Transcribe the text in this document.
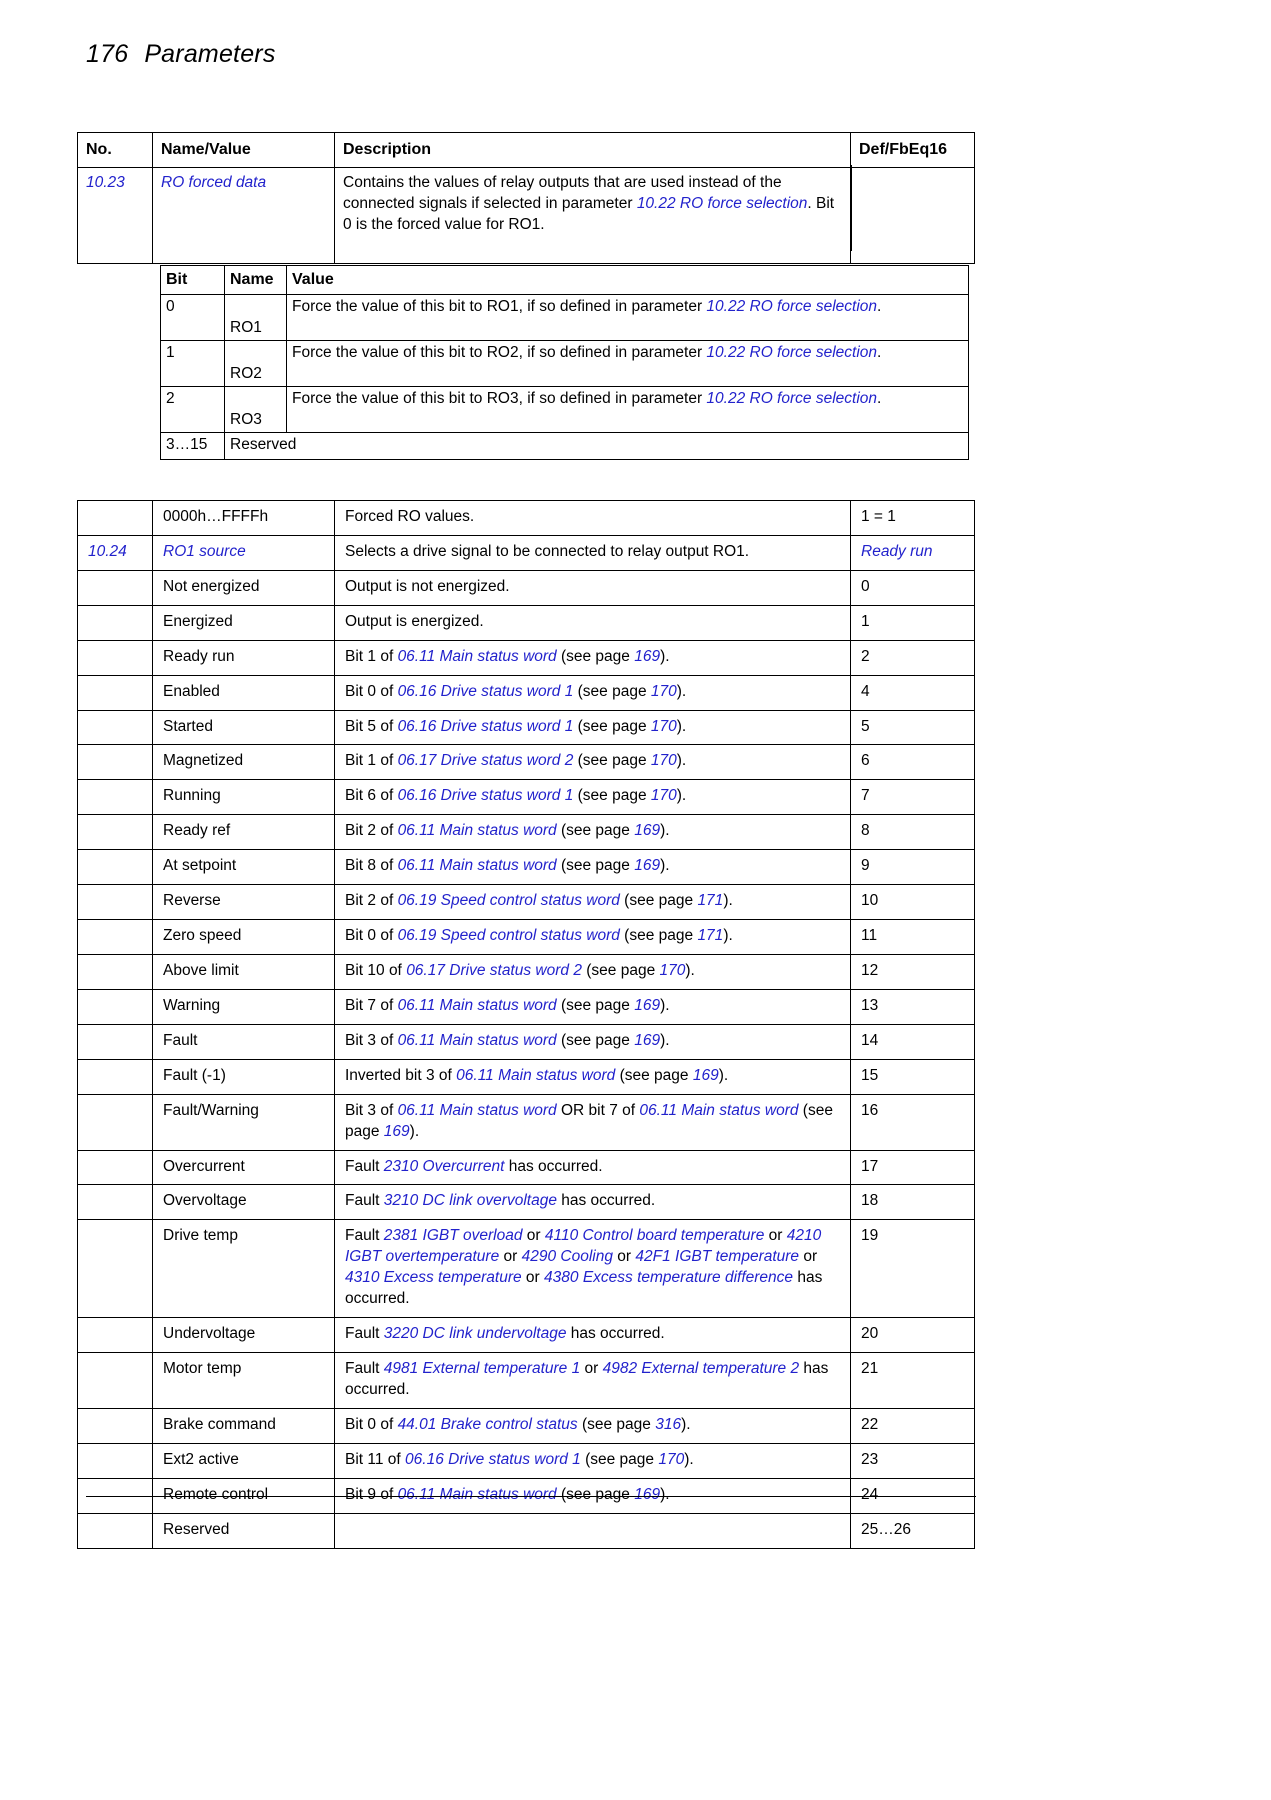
176 Parameters
No.	Name/Value	Description	Def/FbEq16
10.23	RO forced data	Contains the values of relay outputs that are used instead of the connected signals if selected in parameter 10.22 RO force selection. Bit 0 is the forced value for RO1.	
Bit	Name	Value
0	RO1	Force the value of this bit to RO1, if so defined in parameter 10.22 RO force selection.
1	RO2	Force the value of this bit to RO2, if so defined in parameter 10.22 RO force selection.
2	RO3	Force the value of this bit to RO3, if so defined in parameter 10.22 RO force selection.
3…15	Reserved	
	0000h…FFFFh	Forced RO values.	1 = 1
10.24	RO1 source	Selects a drive signal to be connected to relay output RO1.	Ready run
	Not energized	Output is not energized.	0
	Energized	Output is energized.	1
	Ready run	Bit 1 of 06.11 Main status word (see page 169).	2
	Enabled	Bit 0 of 06.16 Drive status word 1 (see page 170).	4
	Started	Bit 5 of 06.16 Drive status word 1 (see page 170).	5
	Magnetized	Bit 1 of 06.17 Drive status word 2 (see page 170).	6
	Running	Bit 6 of 06.16 Drive status word 1 (see page 170).	7
	Ready ref	Bit 2 of 06.11 Main status word (see page 169).	8
	At setpoint	Bit 8 of 06.11 Main status word (see page 169).	9
	Reverse	Bit 2 of 06.19 Speed control status word (see page 171).	10
	Zero speed	Bit 0 of 06.19 Speed control status word (see page 171).	11
	Above limit	Bit 10 of 06.17 Drive status word 2 (see page 170).	12
	Warning	Bit 7 of 06.11 Main status word (see page 169).	13
	Fault	Bit 3 of 06.11 Main status word (see page 169).	14
	Fault (-1)	Inverted bit 3 of 06.11 Main status word (see page 169).	15
	Fault/Warning	Bit 3 of 06.11 Main status word OR bit 7 of 06.11 Main status word (see page 169).	16
	Overcurrent	Fault 2310 Overcurrent has occurred.	17
	Overvoltage	Fault 3210 DC link overvoltage has occurred.	18
	Drive temp	Fault 2381 IGBT overload or 4110 Control board temperature or 4210 IGBT overtemperature or 4290 Cooling or 42F1 IGBT temperature or 4310 Excess temperature or 4380 Excess temperature difference has occurred.	19
	Undervoltage	Fault 3220 DC link undervoltage has occurred.	20
	Motor temp	Fault 4981 External temperature 1 or 4982 External temperature 2 has occurred.	21
	Brake command	Bit 0 of 44.01 Brake control status (see page 316).	22
	Ext2 active	Bit 11 of 06.16 Drive status word 1 (see page 170).	23
	Remote control	Bit 9 of 06.11 Main status word (see page 169).	24
	Reserved		25…26
